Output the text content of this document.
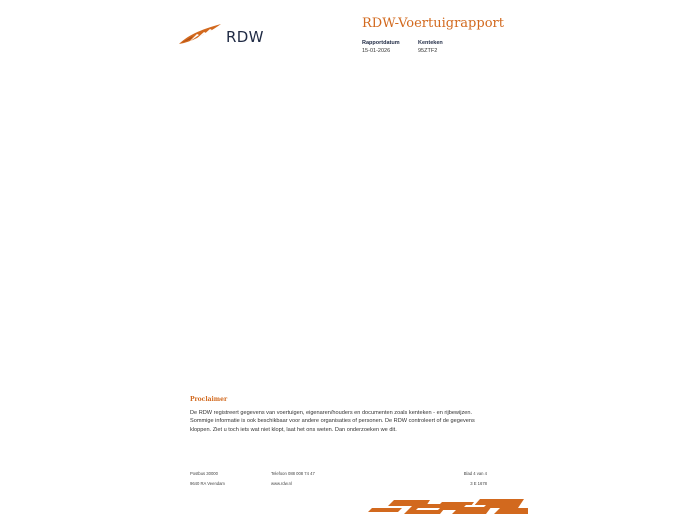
RDW
RDW-Voertuigrapport
Rapportdatum
15-01-2026
Kenteken
95ZTF2
Proclaimer

De RDW registreert gegevens van voertuigen, eigenaren/houders en documenten zoals kenteken - en rijbewijzen.

Sommige informatie is ook beschikbaar voor andere organisaties of personen. De RDW controleert of de gegevens

kloppen. Ziet u toch iets wat niet klopt, laat het ons weten. Dan onderzoeken we dit.

Postbus 30000
9640 RA Veendam
Telefoon 088 008 74 47
www.rdw.nl
Blad 4 van 4
3 E 1678
